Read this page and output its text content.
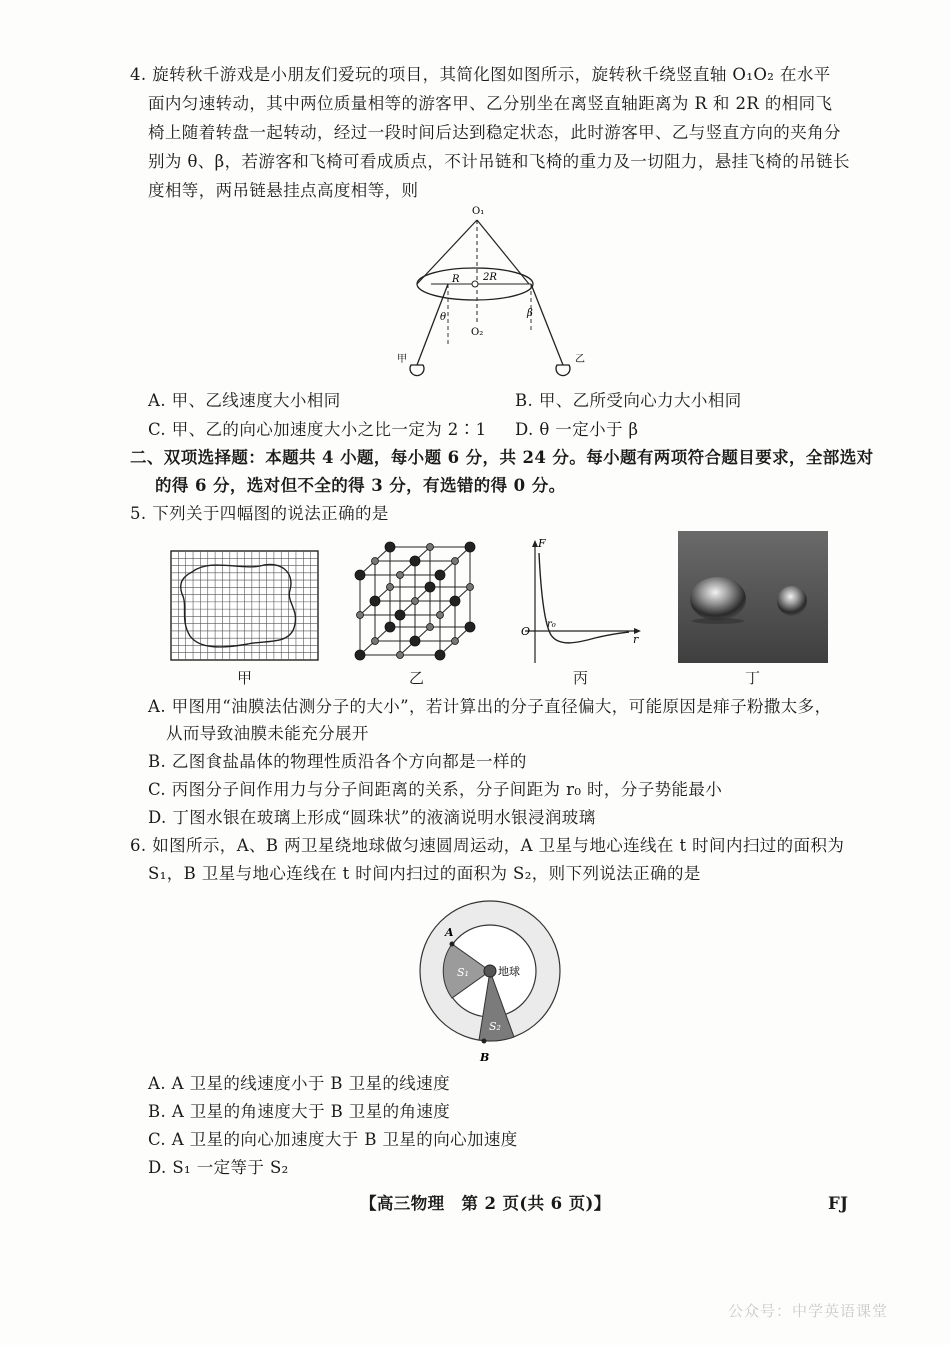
4. 旋转秋千游戏是小朋友们爱玩的项目，其简化图如图所示，旋转秋千绕竖直轴 O₁O₂ 在水平
面内匀速转动，其中两位质量相等的游客甲、乙分别坐在离竖直轴距离为 R 和 2R 的相同飞
椅上随着转盘一起转动，经过一段时间后达到稳定状态，此时游客甲、乙与竖直方向的夹角分
别为 θ、β，若游客和飞椅可看成质点，不计吊链和飞椅的重力及一切阻力，悬挂飞椅的吊链长
度相等，两吊链悬挂点高度相等，则
O₁
R 2R
θ	β
O₂
甲	乙
A. 甲、乙线速度大小相同	B. 甲、乙所受向心力大小相同
C. 甲、乙的向心加速度大小之比一定为 2∶1 D. θ 一定小于 β
二、双项选择题：本题共 4 小题，每小题 6 分，共 24 分。每小题有两项符合题目要求，全部选对
的得 6 分，选对但不全的得 3 分，有选错的得 0 分。
5. 下列关于四幅图的说法正确的是
甲	乙
F
r
O
r₀
丙	丁
A. 甲图用“油膜法估测分子的大小”，若计算出的分子直径偏大，可能原因是痱子粉撒太多，
从而导致油膜未能充分展开
B. 乙图食盐晶体的物理性质沿各个方向都是一样的
C. 丙图分子间作用力与分子间距离的关系，分子间距为 r₀ 时，分子势能最小
D. 丁图水银在玻璃上形成“圆珠状”的液滴说明水银浸润玻璃
6. 如图所示，A、B 两卫星绕地球做匀速圆周运动，A 卫星与地心连线在 t 时间内扫过的面积为
S₁，B 卫星与地心连线在 t 时间内扫过的面积为 S₂，则下列说法正确的是
A
B
S₁
S₂
地球
A. A 卫星的线速度小于 B 卫星的线速度
B. A 卫星的角速度大于 B 卫星的角速度
C. A 卫星的向心加速度大于 B 卫星的向心加速度
D. S₁ 一定等于 S₂
【高三物理　第 2 页(共 6 页)】	FJ
公众号：中学英语课堂
